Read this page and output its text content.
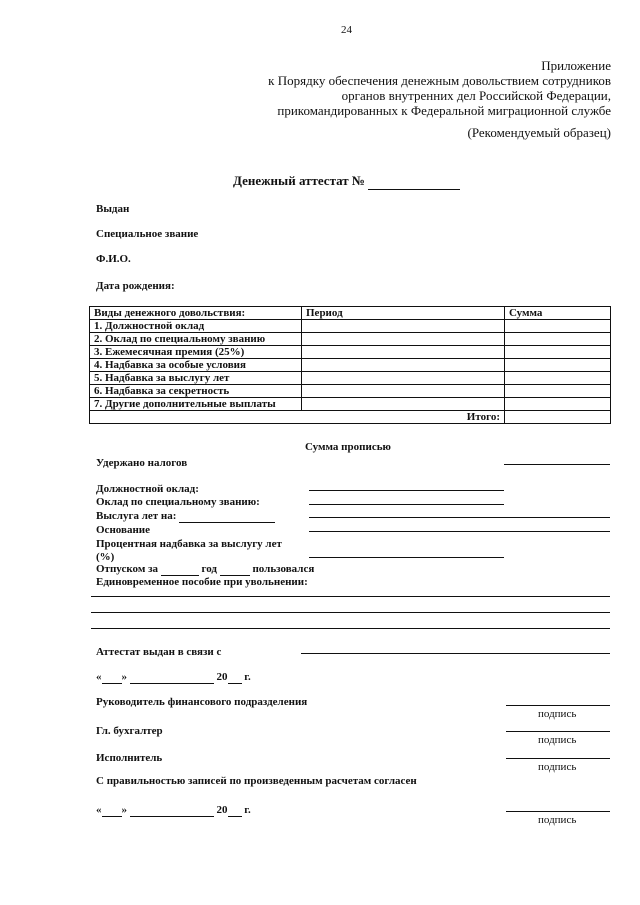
24
Приложение
к Порядку обеспечения денежным довольствием сотрудников
органов внутренних дел Российской Федерации,
прикомандированных к Федеральной миграционной службе
(Рекомендуемый образец)
Денежный аттестат №
Выдан
Специальное звание
Ф.И.О.
Дата рождения:
Виды денежного довольствия:	Период	Сумма
1. Должностной оклад		
2. Оклад по специальному званию		
3. Ежемесячная премия (25%)		
4. Надбавка за особые условия		
5. Надбавка за выслугу лет		
6. Надбавка за секретность		
7. Другие дополнительные выплаты		
Итого:		
Сумма прописью
Удержано налогов
Должностной оклад:
Оклад по специальному званию:
Выслуга лет на:
Основание
Процентная надбавка за выслугу лет
(%)
Отпуском за	год	пользовался
Единовременное пособие при увольнении:
Аттестат выдан в связи с
« »	20 г.
Руководитель финансового подразделения
подпись
Гл. бухгалтер
подпись
Исполнитель
подпись
С правильностью записей по произведенным расчетам согласен
« »	20 г.
подпись
